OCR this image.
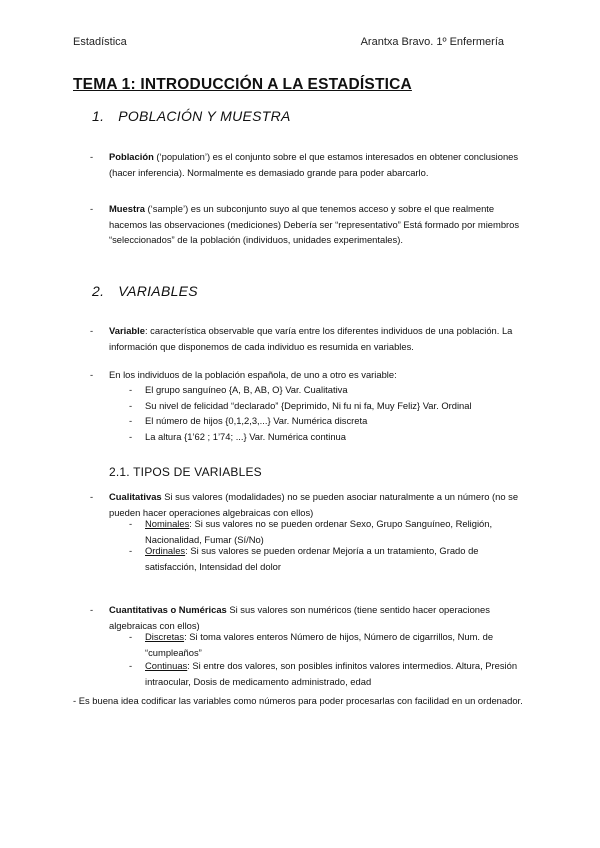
Estadística	Arantxa Bravo. 1º Enfermería
TEMA 1: INTRODUCCIÓN A LA ESTADÍSTICA
1. POBLACIÓN Y MUESTRA
- Población (‘population’) es el conjunto sobre el que estamos interesados en obtener conclusiones (hacer inferencia). Normalmente es demasiado grande para poder abarcarlo.
- Muestra (‘sample’) es un subconjunto suyo al que tenemos acceso y sobre el que realmente hacemos las observaciones (mediciones) Debería ser “representativo” Está formado por miembros “seleccionados” de la población (individuos, unidades experimentales).
2. VARIABLES
- Variable: característica observable que varía entre los diferentes individuos de una población. La información que disponemos de cada individuo es resumida en variables.
- En los individuos de la población española, de uno a otro es variable:
- El grupo sanguíneo {A, B, AB, O} Var. Cualitativa
- Su nivel de felicidad “declarado” {Deprimido, Ni fu ni fa, Muy Feliz} Var. Ordinal
- El número de hijos {0,1,2,3,...} Var. Numérica discreta
- La altura {1’62 ; 1’74; ...} Var. Numérica continua
2.1. TIPOS DE VARIABLES
- Cualitativas Si sus valores (modalidades) no se pueden asociar naturalmente a un número (no se pueden hacer operaciones algebraicas con ellos)
- Nominales: Si sus valores no se pueden ordenar Sexo, Grupo Sanguíneo, Religión, Nacionalidad, Fumar (Sí/No)
- Ordinales: Si sus valores se pueden ordenar Mejoría a un tratamiento, Grado de satisfacción, Intensidad del dolor
- Cuantitativas o Numéricas Si sus valores son numéricos (tiene sentido hacer operaciones algebraicas con ellos)
- Discretas: Si toma valores enteros Número de hijos, Número de cigarrillos, Num. de “cumpleaños”
- Continuas: Si entre dos valores, son posibles infinitos valores intermedios. Altura, Presión intraocular, Dosis de medicamento administrado, edad
- Es buena idea codificar las variables como números para poder procesarlas con facilidad en un ordenador.
